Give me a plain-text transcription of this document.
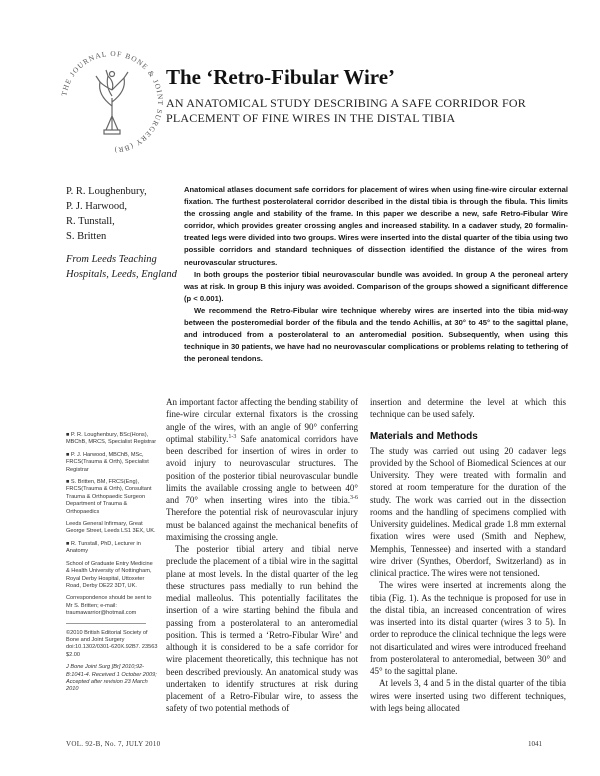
THE JOURNAL OF BONE & JOINT SURGERY (BR)
The ‘Retro-Fibular Wire’

AN ANATOMICAL STUDY DESCRIBING A SAFE CORRIDOR FOR PLACEMENT OF FINE WIRES IN THE DISTAL TIBIA

P. R. Loughenbury,
P. J. Harwood,
R. Tunstall,
S. Britten
From Leeds Teaching Hospitals, Leeds, England

Anatomical atlases document safe corridors for placement of wires when using fine-wire circular external fixation. The furthest posterolateral corridor described in the distal tibia is through the fibula. This limits the crossing angle and stability of the frame. In this paper we describe a new, safe Retro-Fibular Wire corridor, which provides greater crossing angles and increased stability. In a cadaver study, 20 formalin-treated legs were divided into two groups. Wires were inserted into the distal quarter of the tibia using two possible corridors and standard techniques of dissection identified the distance of the wires from neurovascular structures.

In both groups the posterior tibial neurovascular bundle was avoided. In group A the peroneal artery was at risk. In group B this injury was avoided. Comparison of the groups showed a significant difference (p < 0.001).

We recommend the Retro-Fibular wire technique whereby wires are inserted into the tibia mid-way between the posteromedial border of the fibula and the tendo Achillis, at 30° to 45° to the sagittal plane, and introduced from a posterolateral to an anteromedial position. Subsequently, when using this technique in 30 patients, we have had no neurovascular complications or problems relating to tethering of the peroneal tendons.

■ P. R. Loughenbury, BSc(Hons), MBChB, MRCS, Specialist Registrar
■ P. J. Harwood, MBChB, MSc, FRCS(Trauma & Orth), Specialist Registrar
■ S. Britten, BM, FRCS(Eng), FRCS(Trauma & Orth), Consultant Trauma & Orthopaedic Surgeon Department of Trauma & Orthopaedics
Leeds General Infirmary, Great George Street, Leeds LS1 3EX, UK.
■ R. Tunstall, PhD, Lecturer in Anatomy
School of Graduate Entry Medicine & Health University of Nottingham, Royal Derby Hospital, Uttoxeter Road, Derby DE22 3DT, UK.
Correspondence should be sent to Mr S. Britten; e-mail: traumawarrior@hotmail.com
©2010 British Editorial Society of Bone and Joint Surgery doi:10.1302/0301-620X.92B7. 23563 $2.00
J Bone Joint Surg [Br] 2010;92-B:1041-4. Received 1 October 2009; Accepted after revision 23 March 2010

An important factor affecting the bending stability of fine-wire circular external fixators is the crossing angle of the wires, with an angle of 90° conferring optimal stability.$^{1-3}$ Safe anatomical corridors have been described for insertion of wires in order to avoid injury to neurovascular structures. The position of the posterior tibial neurovascular bundle limits the available crossing angle to between 40° and 70° when inserting wires into the tibia.$^{3-6}$ Therefore the potential risk of neurovascular injury must be balanced against the mechanical benefits of maximising the crossing angle.

The posterior tibial artery and tibial nerve preclude the placement of a tibial wire in the sagittal plane at most levels. In the distal quarter of the leg these structures pass medially to run behind the medial malleolus. This potentially facilitates the insertion of a wire starting behind the fibula and passing from a posterolateral to an anteromedial position. This is termed a ‘Retro-Fibular Wire’ and although it is considered to be a safe corridor for wire placement theoretically, this technique has not been described previously. An anatomical study was undertaken to identify structures at risk during placement of a Retro-Fibular wire, to assess the safety of two potential methods of

insertion and determine the level at which this technique can be used safely.

Materials and Methods

The study was carried out using 20 cadaver legs provided by the School of Biomedical Sciences at our University. They were treated with formalin and stored at room temperature for the duration of the study. The work was carried out in the dissection rooms and the handling of specimens complied with University guidelines. Medical grade 1.8 mm external fixation wires were used (Smith and Nephew, Memphis, Tennessee) and inserted with a standard wire driver (Synthes, Oberdorf, Switzerland) as in clinical practice. The wires were not tensioned.

The wires were inserted at increments along the tibia (Fig. 1). As the technique is proposed for use in the distal tibia, an increased concentration of wires was inserted into its distal quarter (wires 3 to 5). In order to reproduce the clinical technique the legs were not disarticulated and wires were introduced freehand from posterolateral to anteromedial, between 30° and 45° to the sagittal plane.

At levels 3, 4 and 5 in the distal quarter of the tibia wires were inserted using two different techniques, with legs being allocated

VOL. 92-B, No. 7, JULY 2010	1041
